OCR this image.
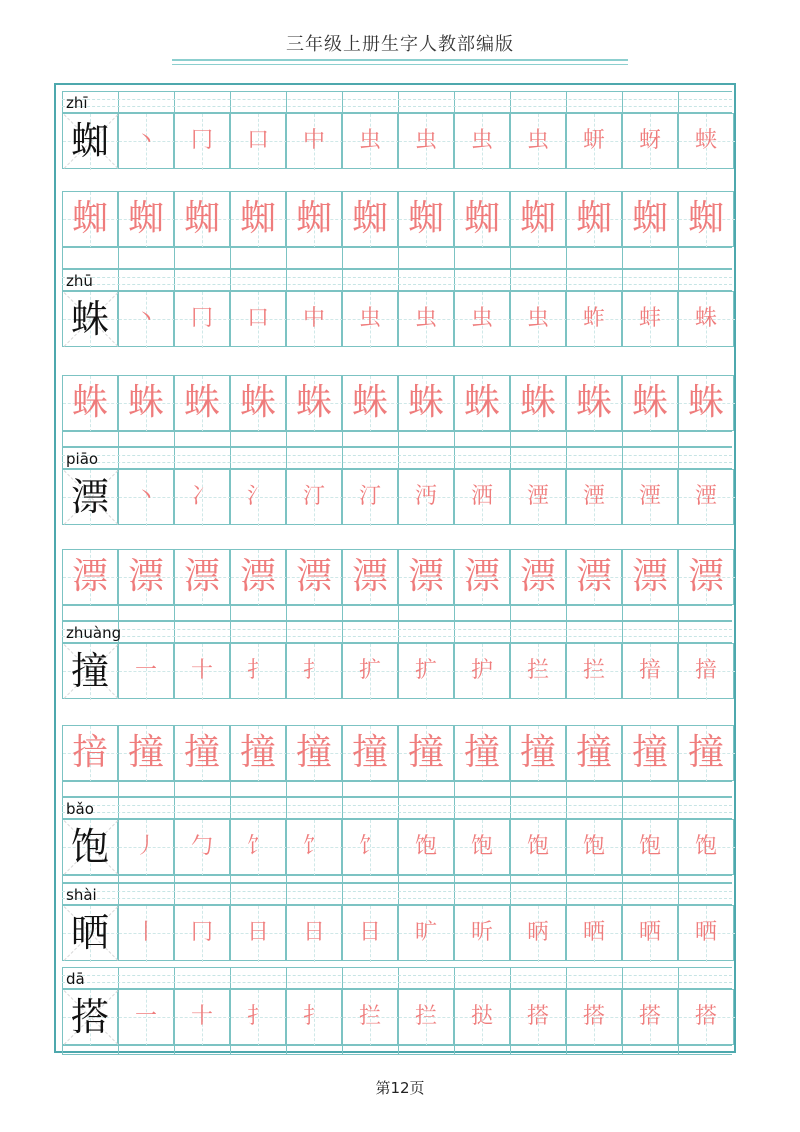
三年级上册生字人教部编版
zhī
蜘	丶	冂	口	中	虫	虫	虫	虫	蚈	蚜	蛱
蜘 蜘 蜘 蜘 蜘 蜘 蜘 蜘 蜘 蜘 蜘 蜘
zhū
蛛	丶	冂	口	中	虫	虫	虫	虫	蚱	蚌	蛛
蛛 蛛 蛛 蛛 蛛 蛛 蛛 蛛 蛛 蛛 蛛 蛛
piāo
漂	丶	冫	氵	汀	汀	沔	洒	湮	湮	湮	湮
漂 漂 漂 漂 漂 漂 漂 漂 漂 漂 漂 漂
zhuàng
撞	一	十	扌	扌	扩	扩	护	拦	拦	揞	揞
揞 撞 撞 撞 撞 撞 撞 撞 撞 撞 撞 撞
bǎo
饱	丿	勹	饣	饣	饣	饱	饱	饱	饱	饱	饱
shài
晒	丨	冂	日	日	日	旷	昕	昞	晒	晒	晒
dā
搭	一	十	扌	扌	拦	拦	挞	搭	搭	搭	搭
第12页
